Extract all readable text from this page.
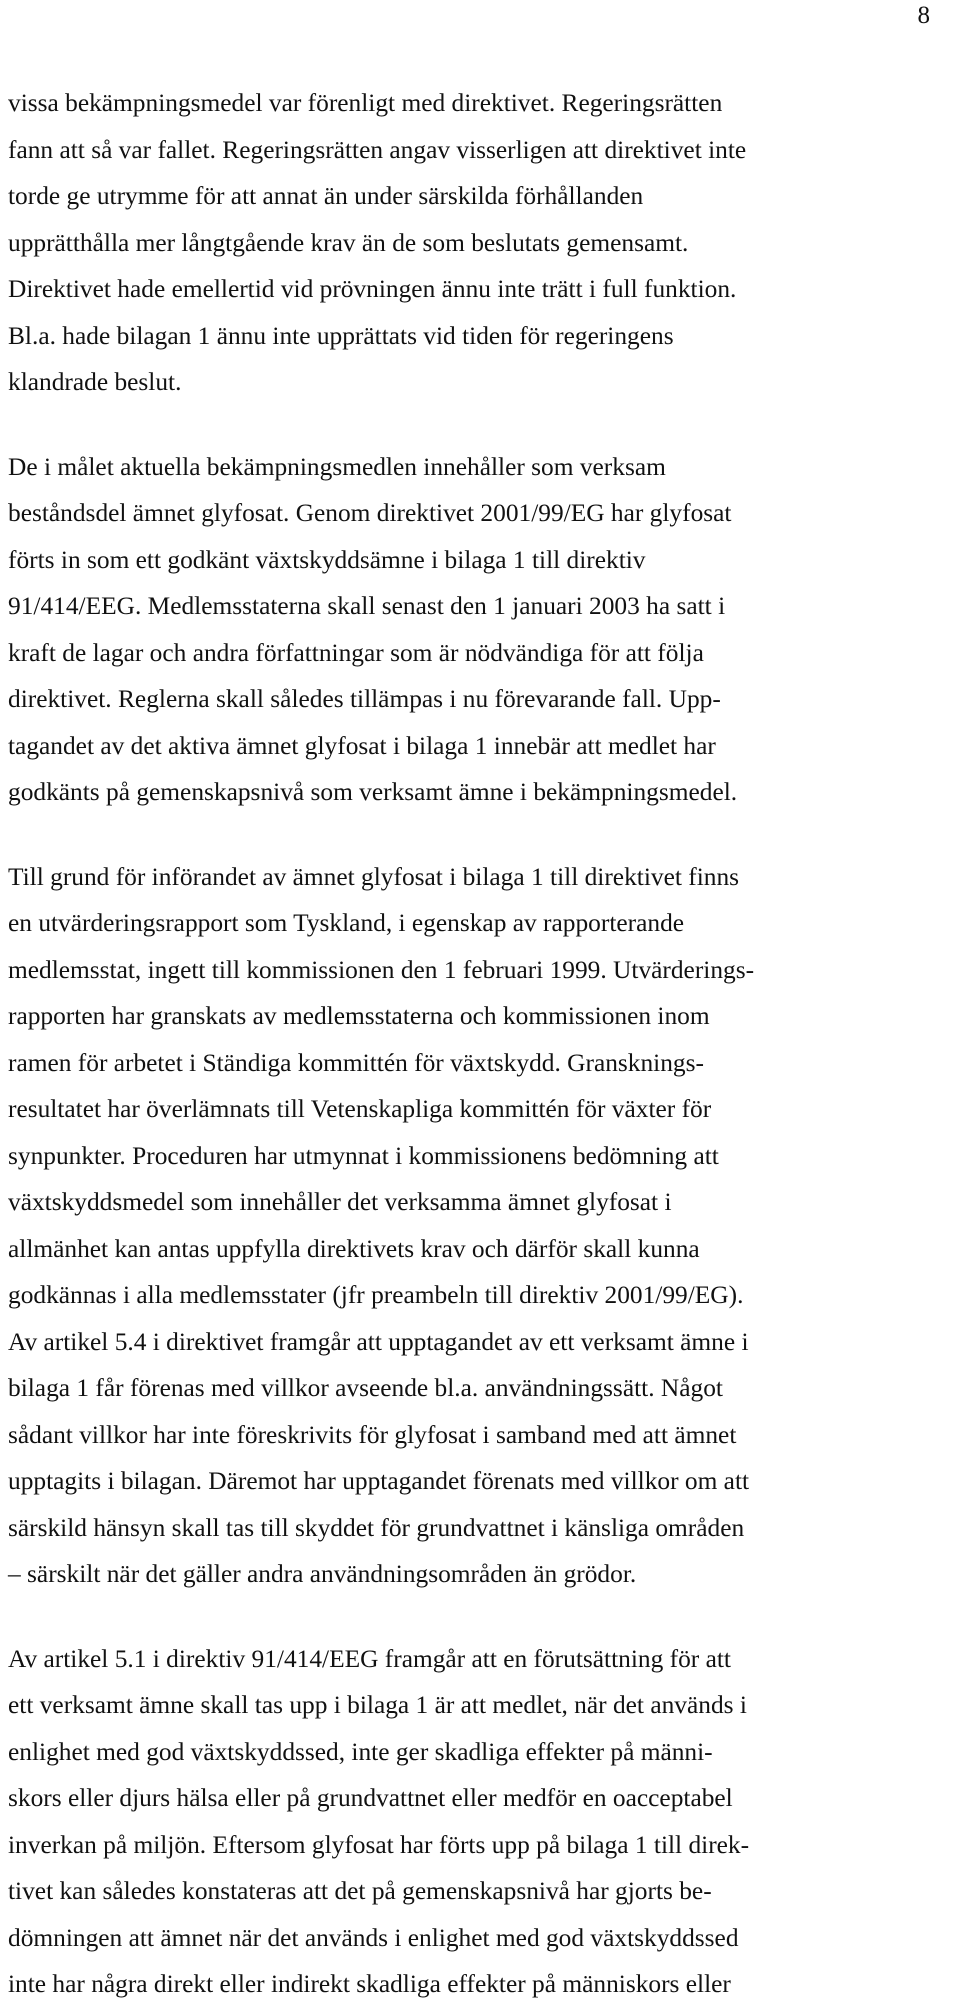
8

vissa bekämpningsmedel var förenligt med direktivet. Regeringsrätten
fann att så var fallet. Regeringsrätten angav visserligen att direktivet inte
torde ge utrymme för att annat än under särskilda förhållanden
upprätthålla mer långtgående krav än de som beslutats gemensamt.
Direktivet hade emellertid vid prövningen ännu inte trätt i full funktion.
Bl.a. hade bilagan 1 ännu inte upprättats vid tiden för regeringens
klandrade beslut.

De i målet aktuella bekämpningsmedlen innehåller som verksam
beståndsdel ämnet glyfosat. Genom direktivet 2001/99/EG har glyfosat
förts in som ett godkänt växtskyddsämne i bilaga 1 till direktiv
91/414/EEG. Medlemsstaterna skall senast den 1 januari 2003 ha satt i
kraft de lagar och andra författningar som är nödvändiga för att följa
direktivet. Reglerna skall således tillämpas i nu förevarande fall. Upp-
tagandet av det aktiva ämnet glyfosat i bilaga 1 innebär att medlet har
godkänts på gemenskapsnivå som verksamt ämne i bekämpningsmedel.

Till grund för införandet av ämnet glyfosat i bilaga 1 till direktivet finns
en utvärderingsrapport som Tyskland, i egenskap av rapporterande
medlemsstat, ingett till kommissionen den 1 februari 1999. Utvärderings-
rapporten har granskats av medlemsstaterna och kommissionen inom
ramen för arbetet i Ständiga kommittén för växtskydd. Gransknings-
resultatet har överlämnats till Vetenskapliga kommittén för växter för
synpunkter. Proceduren har utmynnat i kommissionens bedömning att
växtskyddsmedel som innehåller det verksamma ämnet glyfosat i
allmänhet kan antas uppfylla direktivets krav och därför skall kunna
godkännas i alla medlemsstater (jfr preambeln till direktiv 2001/99/EG).
Av artikel 5.4 i direktivet framgår att upptagandet av ett verksamt ämne i
bilaga 1 får förenas med villkor avseende bl.a. användningssätt. Något
sådant villkor har inte föreskrivits för glyfosat i samband med att ämnet
upptagits i bilagan. Däremot har upptagandet förenats med villkor om att
särskild hänsyn skall tas till skyddet för grundvattnet i känsliga områden
– särskilt när det gäller andra användningsområden än grödor.

Av artikel 5.1 i direktiv 91/414/EEG framgår att en förutsättning för att
ett verksamt ämne skall tas upp i bilaga 1 är att medlet, när det används i
enlighet med god växtskyddssed, inte ger skadliga effekter på männi-
skors eller djurs hälsa eller på grundvattnet eller medför en oacceptabel
inverkan på miljön. Eftersom glyfosat har förts upp på bilaga 1 till direk-
tivet kan således konstateras att det på gemenskapsnivå har gjorts be-
dömningen att ämnet när det används i enlighet med god växtskyddssed
inte har några direkt eller indirekt skadliga effekter på människors eller
